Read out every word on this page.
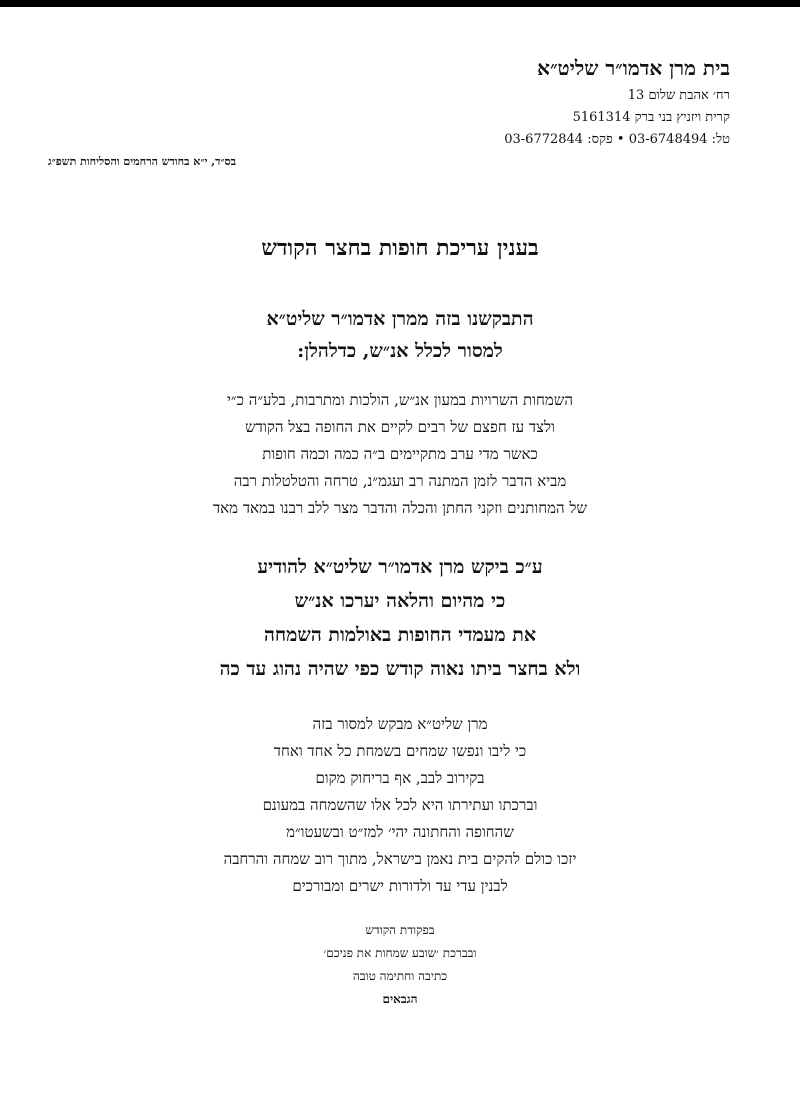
בית מרן אדמו״ר שליט״א
רח׳ אהבת שלום 13
קרית ויזניץ בני ברק 5161314
טל: 03-6748494 • פקס: 03-6772844
בס״ד, י״א בחודש הרחמים והסליחות תשפ״ג
בענין עריכת חופות בחצר הקודש
התבקשנו בזה ממרן אדמו״ר שליט״א
למסור לכלל אנ״ש, כדלהלן:
השמחות השרויות במעון אנ״ש, הולכות ומתרבות, בלע״ה כ״י
ולצד עז חפצם של רבים לקיים את החופה בצל הקודש
כאשר מדי ערב מתקיימים ב״ה כמה וכמה חופות
מביא הדבר לזמן המתנה רב ועגמ״נ, טרחה והטלטלות רבה
של המחותנים וזקני החתן והכלה והדבר מצר ללב רבנו במאד מאד
ע״כ ביקש מרן אדמו״ר שליט״א להודיע
כי מהיום והלאה יערכו אנ״ש
את מעמדי החופות באולמות השמחה
ולא בחצר ביתו נאוה קודש כפי שהיה נהוג עד כה
מרן שליט״א מבקש למסור בזה
כי ליבו ונפשו שמחים בשמחת כל אחד ואחד
בקירוב לבב, אף בריחוק מקום
וברכתו ועתירתו היא לכל אלו שהשמחה במעונם
שהחופה והחתונה יהי׳ למז״ט ובשעטו״מ
יזכו כולם להקים בית נאמן בישראל, מתוך רוב שמחה והרחבה
לבנין עדי עד ולדורות ישרים ומבורכים
בפקודת הקודש
ובברכת ׳שובע שמחות את פניכם׳
כתיבה וחתימה טובה
הגבאים
